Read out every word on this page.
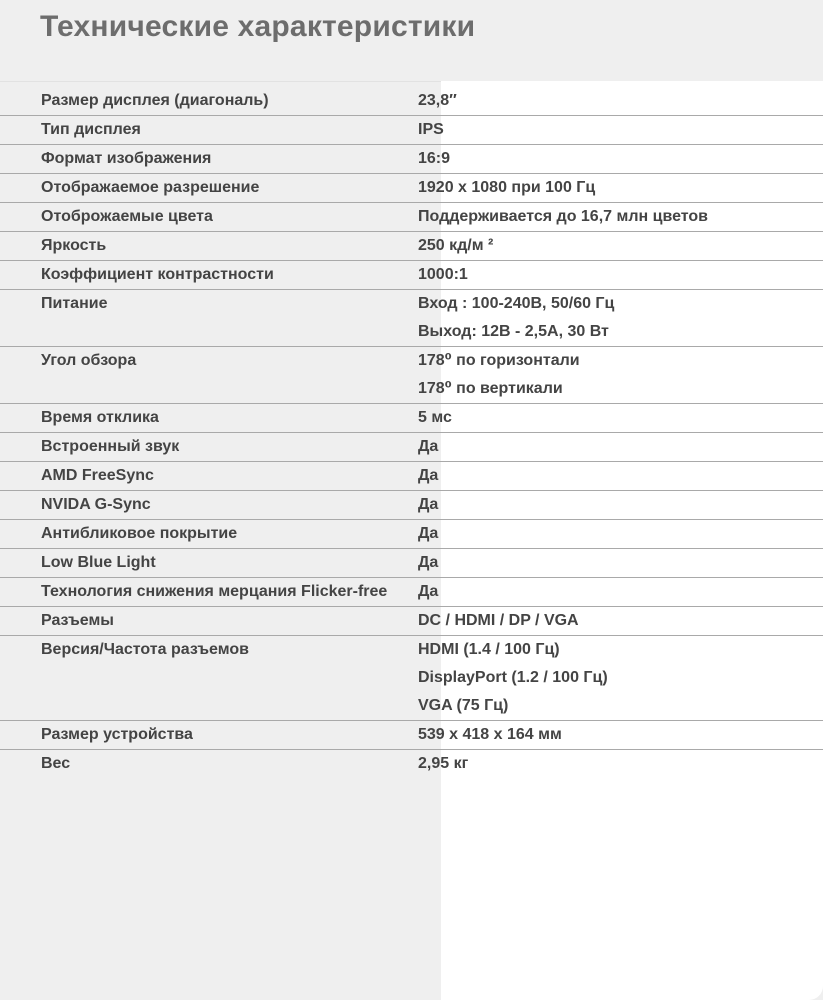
Технические характеристики
Размер дисплея (диагональ)	23,8″
Тип дисплея	IPS
Формат изображения	16:9
Отображаемое разрешение	1920 х 1080 при 100 Гц
Отоброжаемые цвета	Поддерживается до 16,7 млн цветов
Яркость	250 кд/м ²
Коэффициент контрастности	1000:1
Питание	Вход : 100-240В, 50/60 Гц
Выход: 12В - 2,5А, 30 Вт
Угол обзора	178⁰ по горизонтали
178⁰ по вертикали
Время отклика	5 мс
Встроенный звук	Да
AMD FreeSync	Да
NVIDA G-Sync	Да
Антибликовое покрытие	Да
Low Blue Light	Да
Технология снижения мерцания Flicker-free	Да
Разъемы	DC / HDMI / DP / VGA
Версия/Частота разъемов	HDMI (1.4 / 100 Гц)
DisplayPort (1.2 / 100 Гц)
VGA (75 Гц)
Размер устройства	539 х 418 х 164 мм
Вес	2,95 кг
